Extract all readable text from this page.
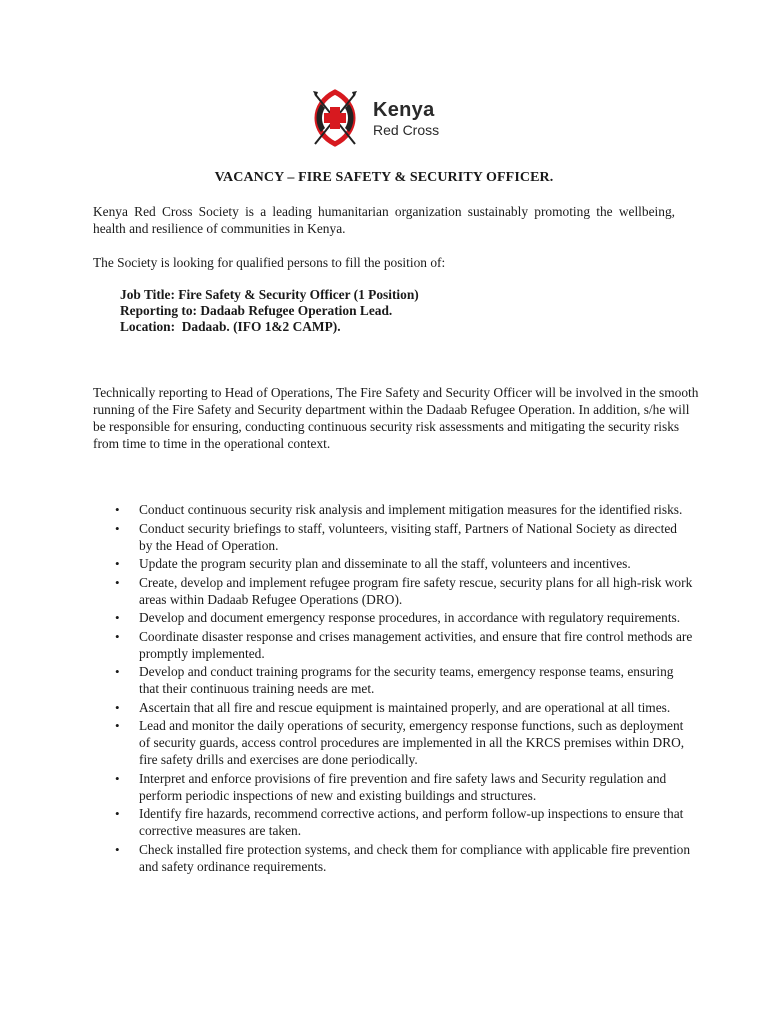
Kenya
Red Cross
VACANCY – FIRE SAFETY & SECURITY OFFICER.
Kenya Red Cross Society is a leading humanitarian organization sustainably promoting the wellbeing, health and resilience of communities in Kenya.
The Society is looking for qualified persons to fill the position of:
Job Title: Fire Safety & Security Officer (1 Position)
Reporting to: Dadaab Refugee Operation Lead.
Location:  Dadaab. (IFO 1&2 CAMP).
Technically reporting to Head of Operations, The Fire Safety and Security Officer will be involved in the smooth running of the Fire Safety and Security department within the Dadaab Refugee Operation. In addition, s/he will be responsible for ensuring, conducting continuous security risk assessments and mitigating the security risks from time to time in the operational context.
• Conduct continuous security risk analysis and implement mitigation measures for the identified risks.
• Conduct security briefings to staff, volunteers, visiting staff, Partners of National Society as directed by the Head of Operation.
• Update the program security plan and disseminate to all the staff, volunteers and incentives.
• Create, develop and implement refugee program fire safety rescue, security plans for all high-risk work areas within Dadaab Refugee Operations (DRO).
• Develop and document emergency response procedures, in accordance with regulatory requirements.
• Coordinate disaster response and crises management activities, and ensure that fire control methods are promptly implemented.
• Develop and conduct training programs for the security teams, emergency response teams, ensuring that their continuous training needs are met.
• Ascertain that all fire and rescue equipment is maintained properly, and are operational at all times.
• Lead and monitor the daily operations of security, emergency response functions, such as deployment of security guards, access control procedures are implemented in all the KRCS premises within DRO, fire safety drills and exercises are done periodically.
• Interpret and enforce provisions of fire prevention and fire safety laws and Security regulation and perform periodic inspections of new and existing buildings and structures.
• Identify fire hazards, recommend corrective actions, and perform follow-up inspections to ensure that corrective measures are taken.
• Check installed fire protection systems, and check them for compliance with applicable fire prevention and safety ordinance requirements.
